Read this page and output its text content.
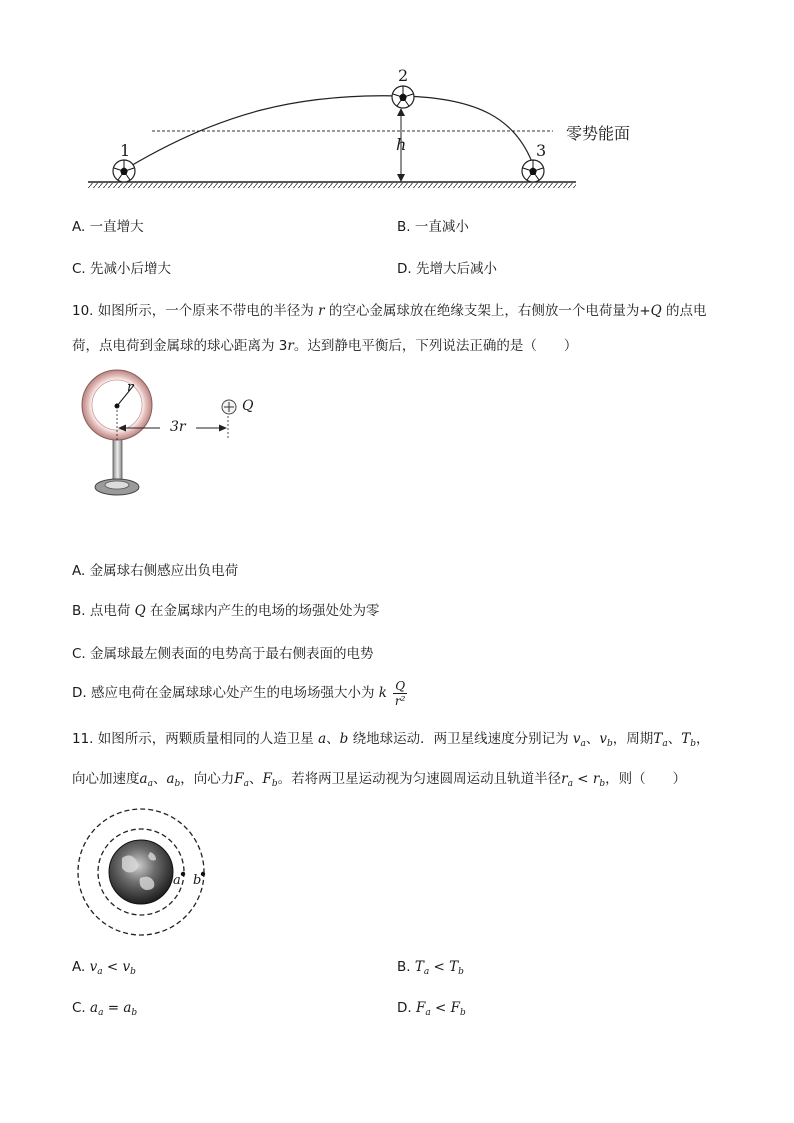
1
2
3
h
零势能面
A. 一直增大	B. 一直减小
C. 先减小后增大	D. 先增大后减小
10. 如图所示，一个原来不带电的半径为 r 的空心金属球放在绝缘支架上，右侧放一个电荷量为+Q 的点电
荷，点电荷到金属球的球心距离为 3r。达到静电平衡后，下列说法正确的是（　　）
r
3r
Q
A. 金属球右侧感应出负电荷
B. 点电荷 Q 在金属球内产生的电场的场强处处为零
C. 金属球最左侧表面的电势高于最右侧表面的电势
D. 感应电荷在金属球球心处产生的电场场强大小为 k $\frac{Q}{\text{r²}}$
11. 如图所示，两颗质量相同的人造卫星 a、b 绕地球运动．两卫星线速度分别记为 $v_a$、$v_b$，周期$T_a$、$T_b$，
向心加速度$a_a$、$a_b$，向心力$F_a$、$F_b$。若将两卫星运动视为匀速圆周运动且轨道半径$r_a < r_b$，则（　　）
a b
A. $v_a < v_b$	B. $T_a < T_b$
C. $a_a = a_b$	D. $F_a < F_b$
